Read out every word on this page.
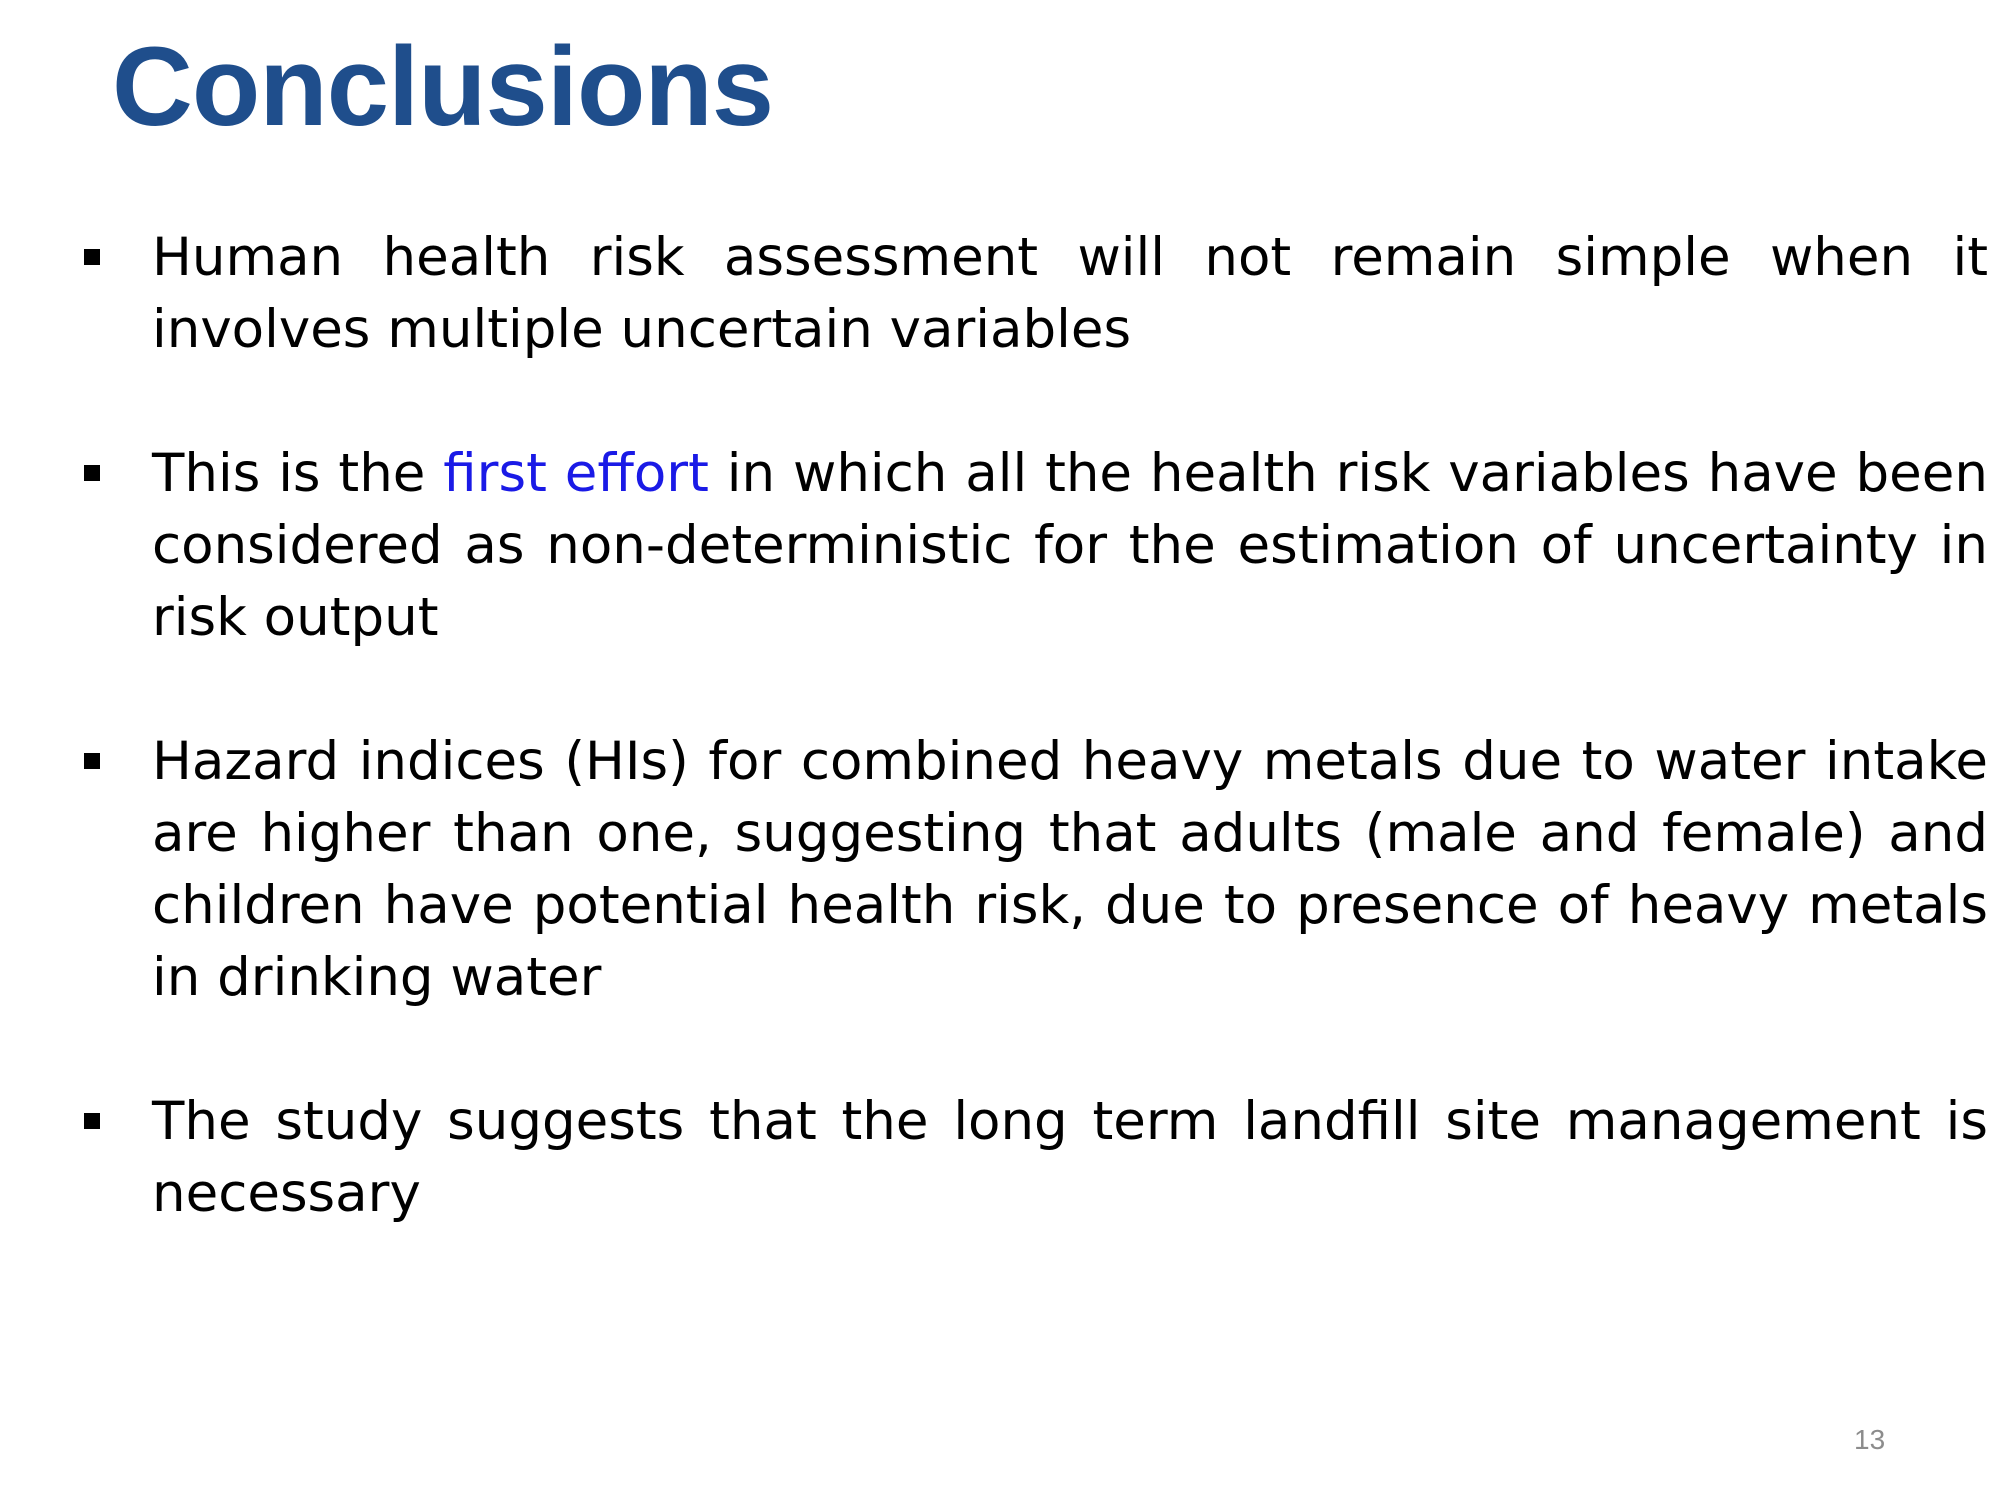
Conclusions
Human health risk assessment will not remain simple when it involves multiple uncertain variables
This is the first effort in which all the health risk variables have been considered as non-deterministic for the estimation of uncertainty in risk output
Hazard indices (HIs) for combined heavy metals due to water intake are higher than one, suggesting that adults (male and female) and children have potential health risk, due to presence of heavy metals in drinking water
The study suggests that the long term landfill site management is necessary
13
